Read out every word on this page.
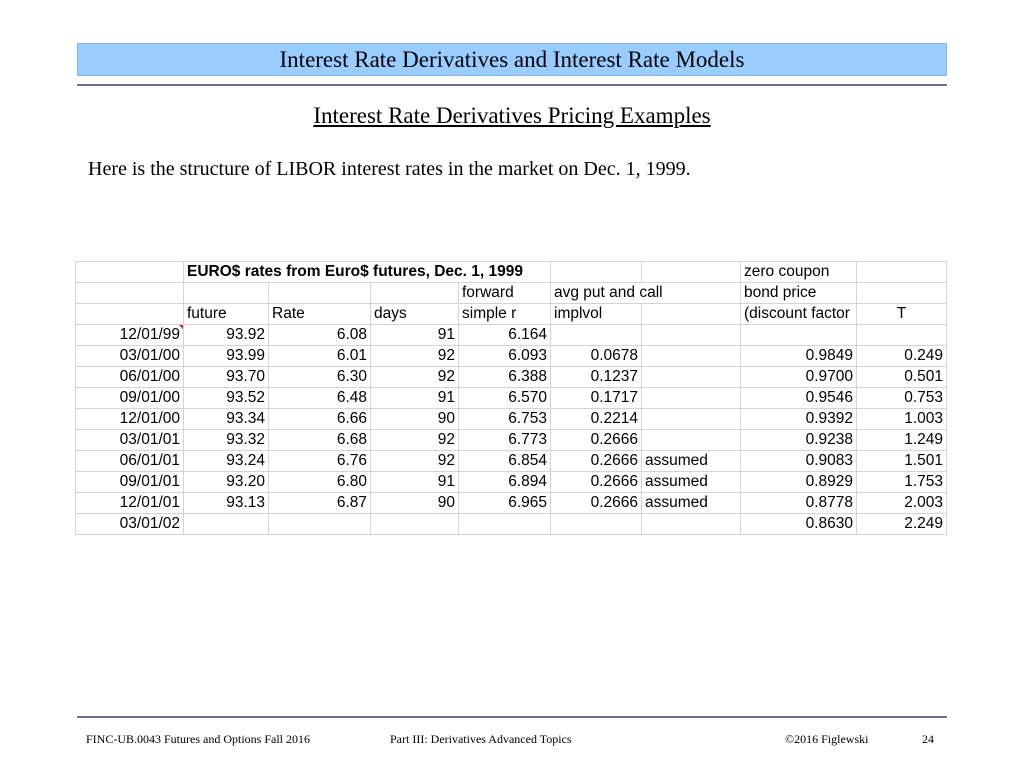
Interest Rate Derivatives and Interest Rate Models
Interest Rate Derivatives Pricing Examples
Here is the structure of LIBOR interest rates in the market on Dec. 1, 1999.
	EURO$ rates from Euro$ futures, Dec. 1, 1999						zero coupon	
				forward	avg put and call		bond price	
	future	Rate	days	simple r	implvol		(discount factor	T
12/01/99	93.92	6.08	91	6.164				
03/01/00	93.99	6.01	92	6.093	0.0678		0.9849	0.249
06/01/00	93.70	6.30	92	6.388	0.1237		0.9700	0.501
09/01/00	93.52	6.48	91	6.570	0.1717		0.9546	0.753
12/01/00	93.34	6.66	90	6.753	0.2214		0.9392	1.003
03/01/01	93.32	6.68	92	6.773	0.2666		0.9238	1.249
06/01/01	93.24	6.76	92	6.854	0.2666	assumed	0.9083	1.501
09/01/01	93.20	6.80	91	6.894	0.2666	assumed	0.8929	1.753
12/01/01	93.13	6.87	90	6.965	0.2666	assumed	0.8778	2.003
03/01/02							0.8630	2.249
FINC-UB.0043 Futures and Options Fall 2016	Part III: Derivatives Advanced Topics	©2016 Figlewski	24
